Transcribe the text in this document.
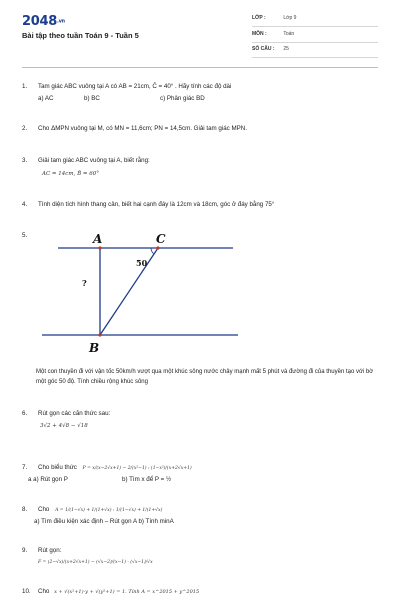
2048.vn
Bài tập theo tuần Toán 9 - Tuần 5
LỚP :	Lớp 9
MÔN :	Toán
SỐ CÂU : 25
1. Tam giác ABC vuông tại A có AB = 21cm, Ĉ = 40° . Hãy tính các độ dài
a) AC	b) BC	c) Phân giác BD
2. Cho ΔMPN vuông tại M, có MN = 11,6cm; PN = 14,5cm. Giải tam giác MPN.
3. Giải tam giác ABC vuông tại A, biết rằng:
AC = 14cm, B̂ = 60°
4. Tính diện tích hình thang cân, biết hai cạnh đáy là 12cm và 18cm, góc ở đáy bằng 75°
5.	A	C
B
50
?
Một con thuyền đi với vận tốc 50km/h vượt qua một khúc sông nước chảy mạnh mất 5 phút và đường đi của thuyền tạo với bờ một góc 50 độ. Tính chiều rộng khúc sông
6. Rút gọn các căn thức sau:
3√2 + 4√8 − √18
7. Cho biểu thức P = x/(x−2√x+1) − 2/(x²−1) : (1−x²)/(x+2√x+1)
a a) Rút gọn P	b) Tìm x để P = ½
8. Cho A = 1/(1−√x) + 1/(1+√x) : 1/(1−√x) + 1/(1+√x)
a) Tìm điều kiện xác định – Rút gọn A b) Tính minA
9. Rút gọn:
F = (2−√x)/(x+2√x+1) − (√x−2)/(x−1) · (√x−1)/√x
10. Cho x + √(x²+1)·y + √(y²+1) = 1. Tính A = x^2015 + y^2015
